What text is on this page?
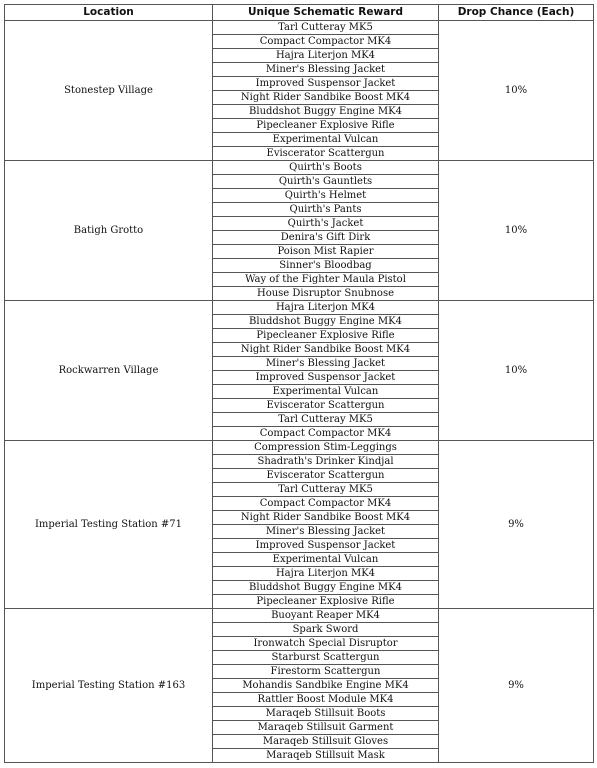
Location	Unique Schematic Reward	Drop Chance (Each)
Stonestep Village	Tarl Cutteray MK5	10%
	Compact Compactor MK4	
	Hajra Literjon MK4	
	Miner's Blessing Jacket	
	Improved Suspensor Jacket	
	Night Rider Sandbike Boost MK4	
	Bluddshot Buggy Engine MK4	
	Pipecleaner Explosive Rifle	
	Experimental Vulcan	
	Eviscerator Scattergun	
Batigh Grotto	Quirth's Boots	10%
	Quirth's Gauntlets	
	Quirth's Helmet	
	Quirth's Pants	
	Quirth's Jacket	
	Denira's Gift Dirk	
	Poison Mist Rapier	
	Sinner's Bloodbag	
	Way of the Fighter Maula Pistol	
	House Disruptor Snubnose	
Rockwarren Village	Hajra Literjon MK4	10%
	Bluddshot Buggy Engine MK4	
	Pipecleaner Explosive Rifle	
	Night Rider Sandbike Boost MK4	
	Miner's Blessing Jacket	
	Improved Suspensor Jacket	
	Experimental Vulcan	
	Eviscerator Scattergun	
	Tarl Cutteray MK5	
	Compact Compactor MK4	
Imperial Testing Station #71	Compression Stim-Leggings	9%
	Shadrath's Drinker Kindjal	
	Eviscerator Scattergun	
	Tarl Cutteray MK5	
	Compact Compactor MK4	
	Night Rider Sandbike Boost MK4	
	Miner's Blessing Jacket	
	Improved Suspensor Jacket	
	Experimental Vulcan	
	Hajra Literjon MK4	
	Bluddshot Buggy Engine MK4	
	Pipecleaner Explosive Rifle	
Imperial Testing Station #163	Buoyant Reaper MK4	9%
	Spark Sword	
	Ironwatch Special Disruptor	
	Starburst Scattergun	
	Firestorm Scattergun	
	Mohandis Sandbike Engine MK4	
	Rattler Boost Module MK4	
	Maraqeb Stillsuit Boots	
	Maraqeb Stillsuit Garment	
	Maraqeb Stillsuit Gloves	
	Maraqeb Stillsuit Mask	
